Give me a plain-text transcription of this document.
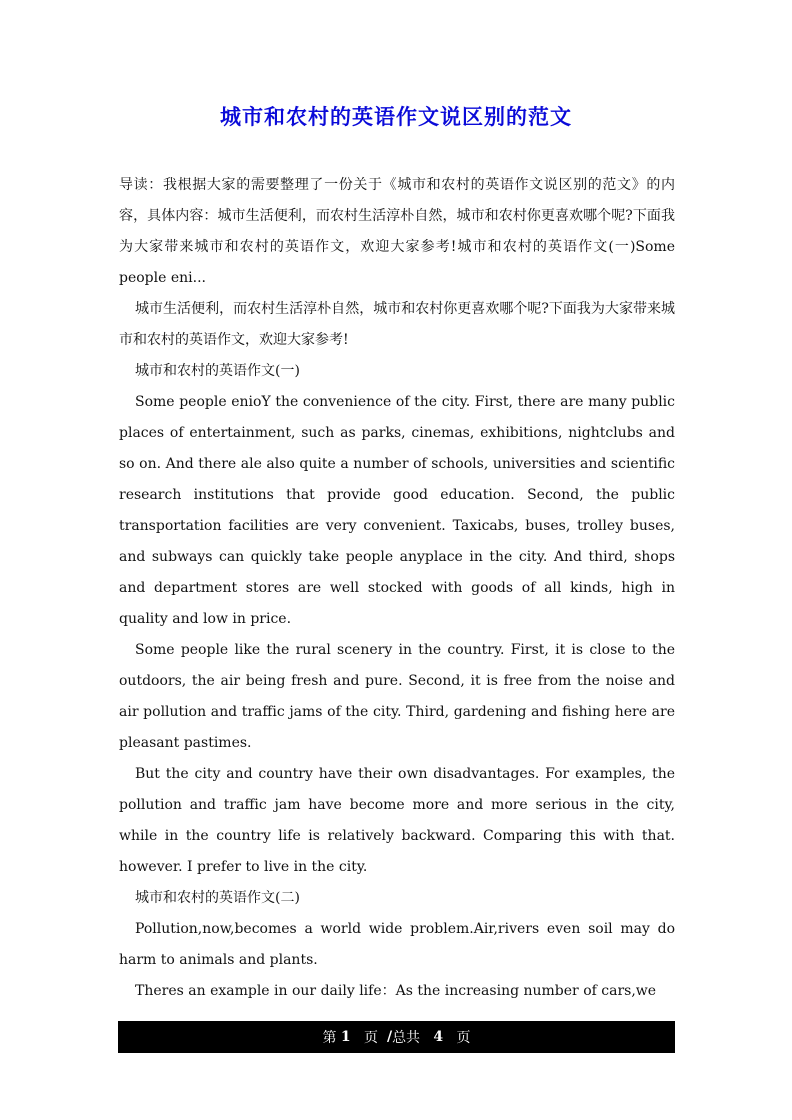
城市和农村的英语作文说区别的范文

导读：我根据大家的需要整理了一份关于《城市和农村的英语作文说区别的范文》的内容，具体内容：城市生活便利，而农村生活淳朴自然，城市和农村你更喜欢哪个呢?下面我为大家带来城市和农村的英语作文，欢迎大家参考!城市和农村的英语作文(一)Some people eni...

城市生活便利，而农村生活淳朴自然，城市和农村你更喜欢哪个呢?下面我为大家带来城市和农村的英语作文，欢迎大家参考!

城市和农村的英语作文(一)

Some people enioY the convenience of the city. First, there are many public places of entertainment, such as parks, cinemas, exhibitions, nightclubs and so on. And there ale also quite a number of schools, universities and scientific research institutions that provide good education. Second, the public transportation facilities are very convenient. Taxicabs, buses, trolley buses, and subways can quickly take people anyplace in the city. And third, shops and department stores are well stocked with goods of all kinds, high in quality and low in price.

Some people like the rural scenery in the country. First, it is close to the outdoors, the air being fresh and pure. Second, it is free from the noise and air pollution and traffic jams of the city. Third, gardening and fishing here are pleasant pastimes.

But the city and country have their own disadvantages. For examples, the pollution and traffic jam have become more and more serious in the city, while in the country life is relatively backward. Comparing this with that. however. I prefer to live in the city.

城市和农村的英语作文(二)

Pollution,now,becomes a world wide problem.Air,rivers even soil may do harm to animals and plants.

Theres an example in our daily life：As the increasing number of cars,we

第
1
页
/ 总共
4
页
